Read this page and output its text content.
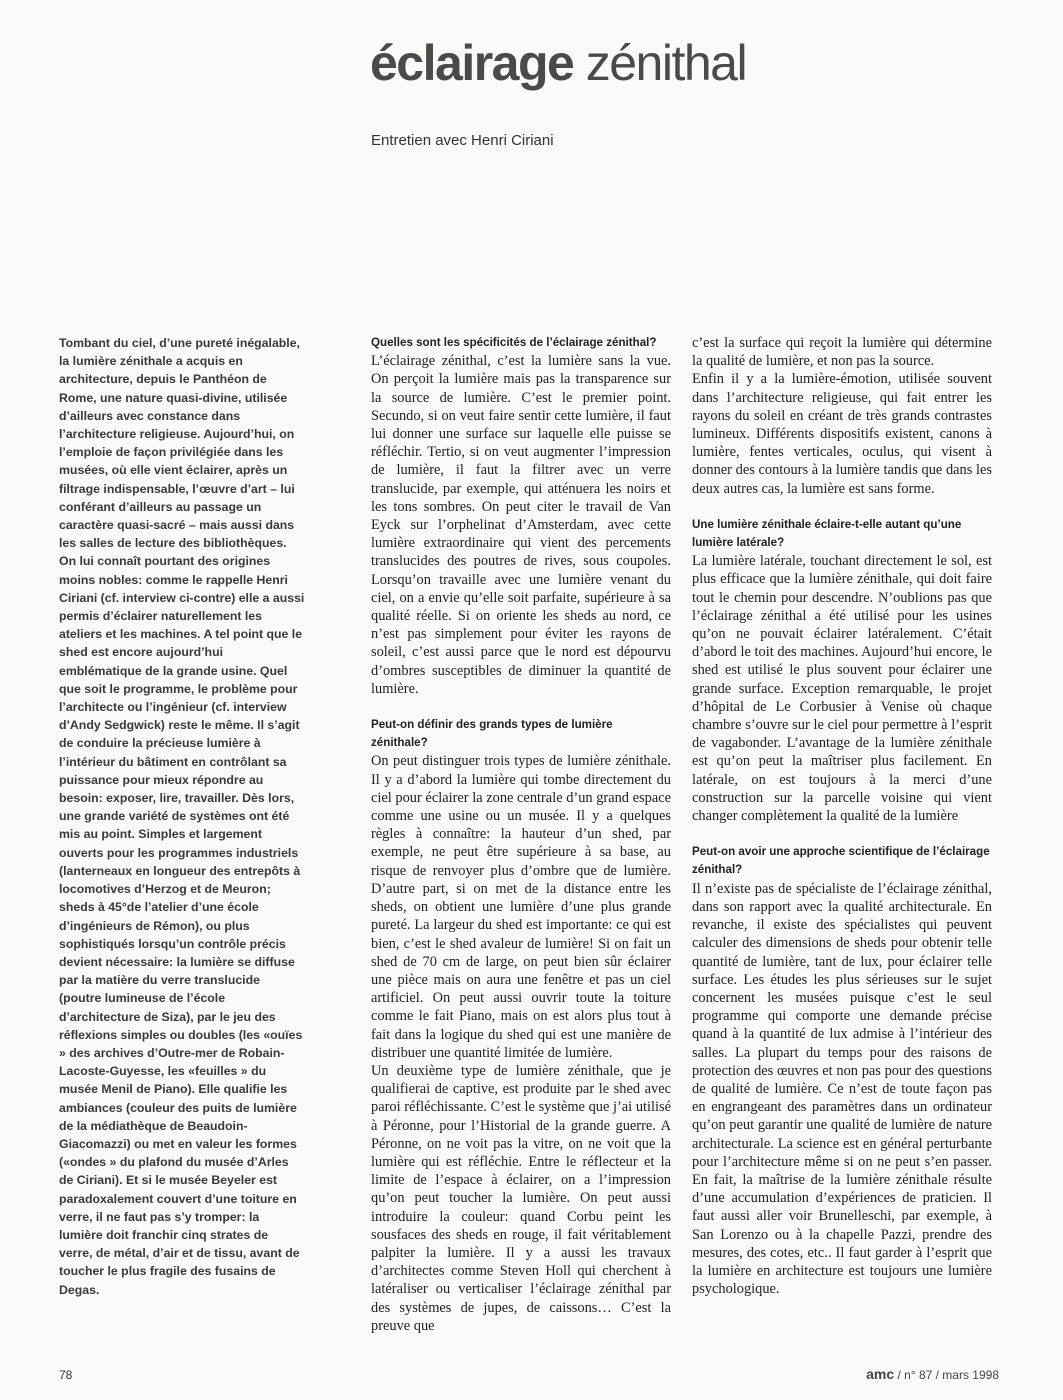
éclairage zénithal
Entretien avec Henri Ciriani
Tombant du ciel, d’une pureté inégalable, la lumière zénithale a acquis en architecture, depuis le Panthéon de Rome, une nature quasi-divine, utilisée d’ailleurs avec constance dans l’architecture religieuse. Aujourd’hui, on l’emploie de façon privilégiée dans les musées, où elle vient éclairer, après un filtrage indispensable, l’œuvre d’art – lui conférant d’ailleurs au passage un caractère quasi-sacré – mais aussi dans les salles de lecture des bibliothèques. On lui connaît pourtant des origines moins nobles: comme le rappelle Henri Ciriani (cf. interview ci-contre) elle a aussi permis d’éclairer naturellement les ateliers et les machines. A tel point que le shed est encore aujourd’hui emblématique de la grande usine. Quel que soit le programme, le problème pour l’architecte ou l’ingénieur (cf. interview d’Andy Sedgwick) reste le même. Il s’agit de conduire la précieuse lumière à l’intérieur du bâtiment en contrôlant sa puissance pour mieux répondre au besoin: exposer, lire, travailler. Dès lors, une grande variété de systèmes ont été mis au point. Simples et largement ouverts pour les programmes industriels (lanterneaux en longueur des entrepôts à locomotives d’Herzog et de Meuron; sheds à 45°de l’atelier d’une école d’ingénieurs de Rémon), ou plus sophistiqués lorsqu’un contrôle précis devient nécessaire: la lumière se diffuse par la matière du verre translucide (poutre lumineuse de l’école d’architecture de Siza), par le jeu des réflexions simples ou doubles (les «ouïes » des archives d’Outre-mer de Robain-Lacoste-Guyesse, les «feuilles » du musée Menil de Piano). Elle qualifie les ambiances (couleur des puits de lumière de la médiathèque de Beaudoin-Giacomazzi) ou met en valeur les formes («ondes » du plafond du musée d’Arles de Ciriani). Et si le musée Beyeler est paradoxalement couvert d’une toiture en verre, il ne faut pas s’y tromper: la lumière doit franchir cinq strates de verre, de métal, d’air et de tissu, avant de toucher le plus fragile des fusains de Degas.

Quelles sont les spécificités de l’éclairage zénithal?

L’éclairage zénithal, c’est la lumière sans la vue. On perçoit la lumière mais pas la transparence sur la source de lumière. C’est le premier point. Secundo, si on veut faire sentir cette lumière, il faut lui donner une surface sur laquelle elle puisse se réfléchir. Tertio, si on veut augmenter l’impression de lumière, il faut la filtrer avec un verre translucide, par exemple, qui atténuera les noirs et les tons sombres. On peut citer le travail de Van Eyck sur l’orphelinat d’Amsterdam, avec cette lumière extraordinaire qui vient des percements translucides des poutres de rives, sous coupoles. Lorsqu’on travaille avec une lumière venant du ciel, on a envie qu’elle soit parfaite, supérieure à sa qualité réelle. Si on oriente les sheds au nord, ce n’est pas simplement pour éviter les rayons de soleil, c’est aussi parce que le nord est dépourvu d’ombres susceptibles de diminuer la quantité de lumière.

Peut-on définir des grands types de lumière zénithale?

On peut distinguer trois types de lumière zénithale. Il y a d’abord la lumière qui tombe directement du ciel pour éclairer la zone centrale d’un grand espace comme une usine ou un musée. Il y a quelques règles à connaître: la hauteur d’un shed, par exemple, ne peut être supérieure à sa base, au risque de renvoyer plus d’ombre que de lumière. D’autre part, si on met de la distance entre les sheds, on obtient une lumière d’une plus grande pureté. La largeur du shed est importante: ce qui est bien, c’est le shed avaleur de lumière! Si on fait un shed de 70 cm de large, on peut bien sûr éclairer une pièce mais on aura une fenêtre et pas un ciel artificiel. On peut aussi ouvrir toute la toiture comme le fait Piano, mais on est alors plus tout à fait dans la logique du shed qui est une manière de distribuer une quantité limitée de lumière.

Un deuxième type de lumière zénithale, que je qualifierai de captive, est produite par le shed avec paroi réfléchissante. C’est le système que j’ai utilisé à Péronne, pour l’Historial de la grande guerre. A Péronne, on ne voit pas la vitre, on ne voit que la lumière qui est réfléchie. Entre le réflecteur et la limite de l’espace à éclairer, on a l’impression qu’on peut toucher la lumière. On peut aussi introduire la couleur: quand Corbu peint les sousfaces des sheds en rouge, il fait véritablement palpiter la lumière. Il y a aussi les travaux d’architectes comme Steven Holl qui cherchent à latéraliser ou verticaliser l’éclairage zénithal par des systèmes de jupes, de caissons… C’est la preuve que

c’est la surface qui reçoit la lumière qui détermine la qualité de lumière, et non pas la source.

Enfin il y a la lumière-émotion, utilisée souvent dans l’architecture religieuse, qui fait entrer les rayons du soleil en créant de très grands contrastes lumineux. Différents dispositifs existent, canons à lumière, fentes verticales, oculus, qui visent à donner des contours à la lumière tandis que dans les deux autres cas, la lumière est sans forme.

Une lumière zénithale éclaire-t-elle autant qu’une lumière latérale?

La lumière latérale, touchant directement le sol, est plus efficace que la lumière zénithale, qui doit faire tout le chemin pour descendre. N’oublions pas que l’éclairage zénithal a été utilisé pour les usines qu’on ne pouvait éclairer latéralement. C’était d’abord le toit des machines. Aujourd’hui encore, le shed est utilisé le plus souvent pour éclairer une grande surface. Exception remarquable, le projet d’hôpital de Le Corbusier à Venise où chaque chambre s’ouvre sur le ciel pour permettre à l’esprit de vagabonder. L’avantage de la lumière zénithale est qu’on peut la maîtriser plus facilement. En latérale, on est toujours à la merci d’une construction sur la parcelle voisine qui vient changer complètement la qualité de la lumière

Peut-on avoir une approche scientifique de l’éclairage zénithal?

Il n’existe pas de spécialiste de l’éclairage zénithal, dans son rapport avec la qualité architecturale. En revanche, il existe des spécialistes qui peuvent calculer des dimensions de sheds pour obtenir telle quantité de lumière, tant de lux, pour éclairer telle surface. Les études les plus sérieuses sur le sujet concernent les musées puisque c’est le seul programme qui comporte une demande précise quand à la quantité de lux admise à l’intérieur des salles. La plupart du temps pour des raisons de protection des œuvres et non pas pour des questions de qualité de lumière. Ce n’est de toute façon pas en engrangeant des paramètres dans un ordinateur qu’on peut garantir une qualité de lumière de nature architecturale. La science est en général perturbante pour l’architecture même si on ne peut s’en passer. En fait, la maîtrise de la lumière zénithale résulte d’une accumulation d’expériences de praticien. Il faut aussi aller voir Brunelleschi, par exemple, à San Lorenzo ou à la chapelle Pazzi, prendre des mesures, des cotes, etc.. Il faut garder à l’esprit que la lumière en architecture est toujours une lumière psychologique.

78	amc / n° 87 / mars 1998
